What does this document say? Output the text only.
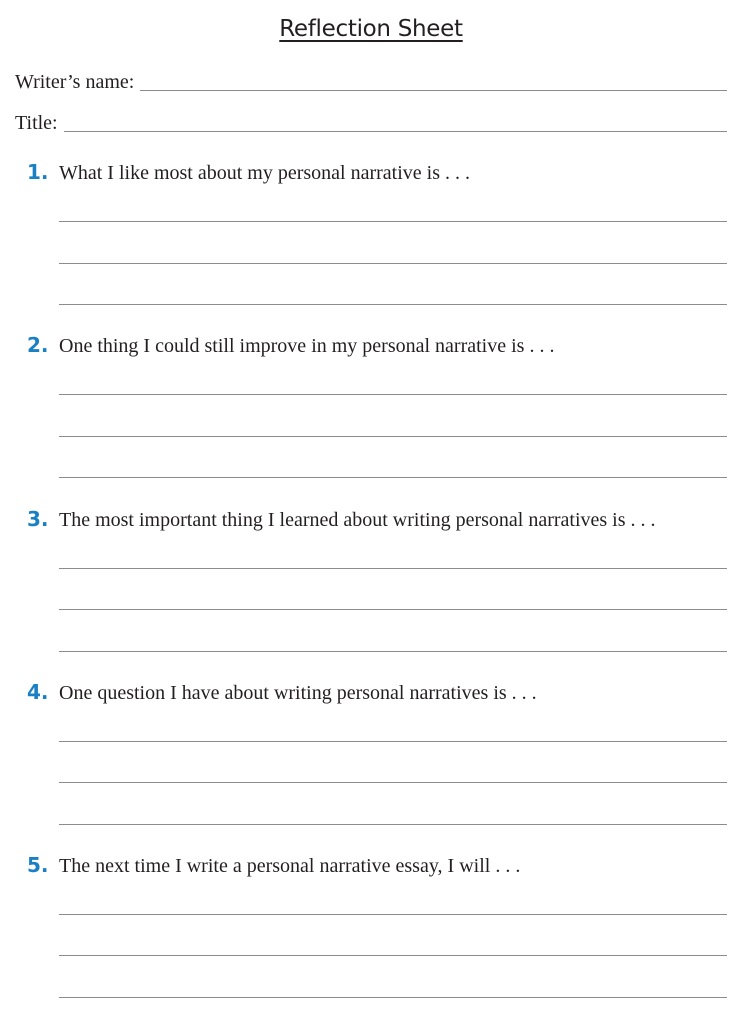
Reflection Sheet
Writer’s name:
Title:
1. What I like most about my personal narrative is . . .
2. One thing I could still improve in my personal narrative is . . .
3. The most important thing I learned about writing personal narratives is . . .
4. One question I have about writing personal narratives is . . .
5. The next time I write a personal narrative essay, I will . . .
